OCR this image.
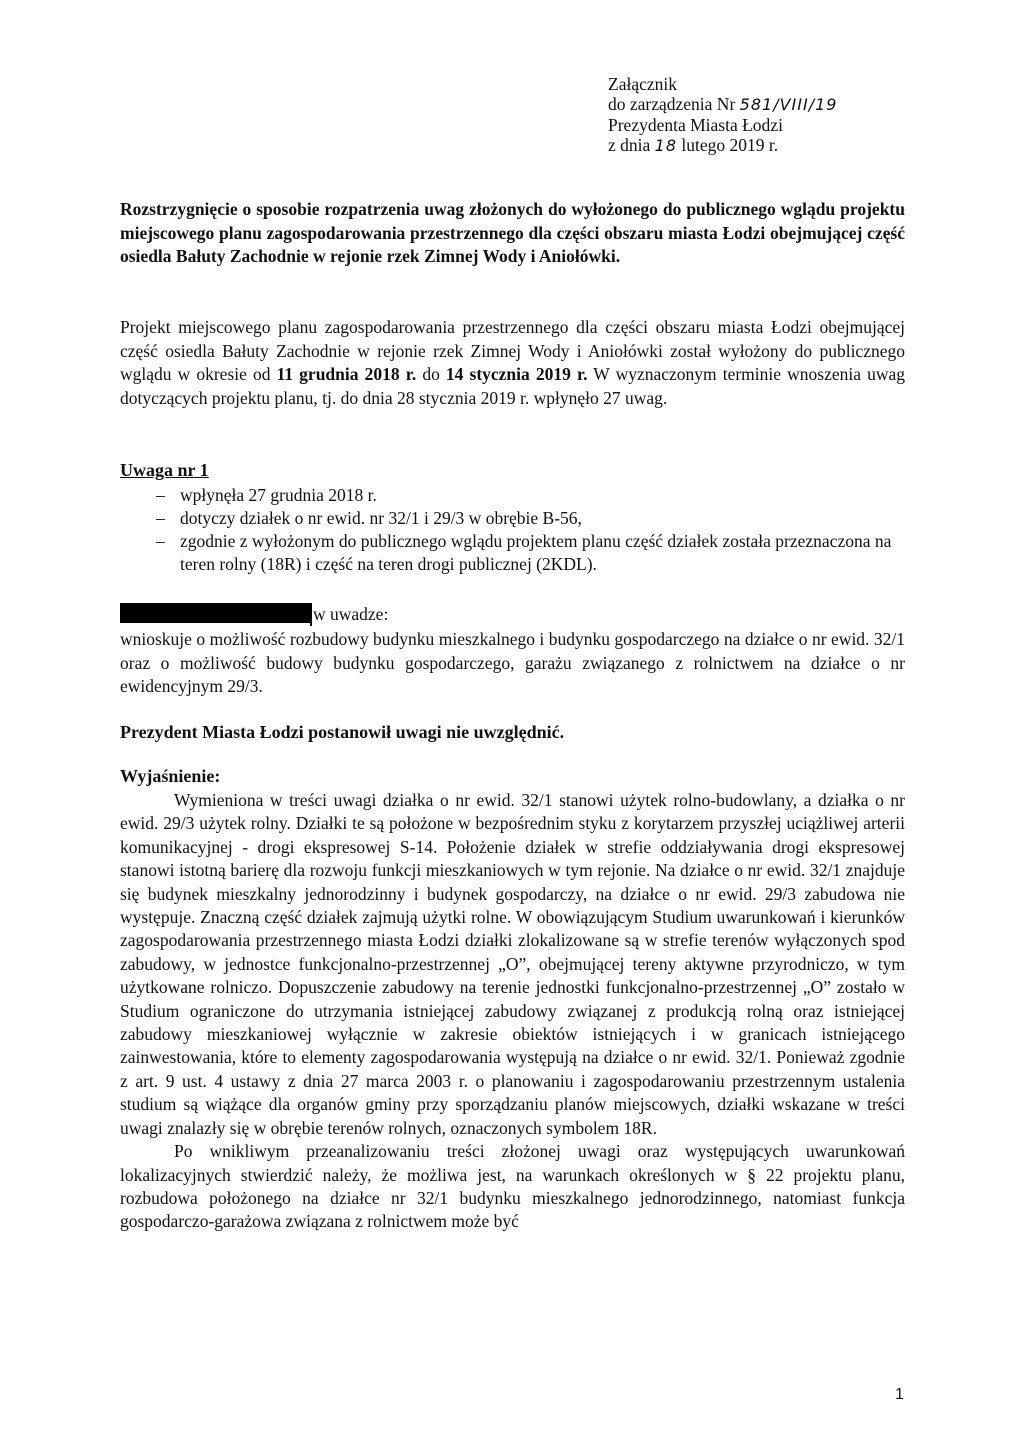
Załącznik
do zarządzenia Nr 581/VIII/19
Prezydenta Miasta Łodzi
z dnia 18 lutego 2019 r.
Rozstrzygnięcie o sposobie rozpatrzenia uwag złożonych do wyłożonego do publicznego wglądu projektu miejscowego planu zagospodarowania przestrzennego dla części obszaru miasta Łodzi obejmującej część osiedla Bałuty Zachodnie w rejonie rzek Zimnej Wody i Aniołówki.
Projekt miejscowego planu zagospodarowania przestrzennego dla części obszaru miasta Łodzi obejmującej część osiedla Bałuty Zachodnie w rejonie rzek Zimnej Wody i Aniołówki został wyłożony do publicznego wglądu w okresie od 11 grudnia 2018 r. do 14 stycznia 2019 r. W wyznaczonym terminie wnoszenia uwag dotyczących projektu planu, tj. do dnia 28 stycznia 2019 r. wpłynęło 27 uwag.
Uwaga nr 1
– wpłynęła 27 grudnia 2018 r.
– dotyczy działek o nr ewid. nr 32/1 i 29/3 w obrębie B-56,
– zgodnie z wyłożonym do publicznego wglądu projektem planu część działek została przeznaczona na teren rolny (18R) i część na teren drogi publicznej (2KDL).
w uwadze:
wnioskuje o możliwość rozbudowy budynku mieszkalnego i budynku gospodarczego na działce o nr ewid. 32/1 oraz o możliwość budowy budynku gospodarczego, garażu związanego z rolnictwem na działce o nr ewidencyjnym 29/3.
Prezydent Miasta Łodzi postanowił uwagi nie uwzględnić.
Wyjaśnienie:

Wymieniona w treści uwagi działka o nr ewid. 32/1 stanowi użytek rolno-budowlany, a działka o nr ewid. 29/3 użytek rolny. Działki te są położone w bezpośrednim styku z korytarzem przyszłej uciążliwej arterii komunikacyjnej - drogi ekspresowej S-14. Położenie działek w strefie oddziaływania drogi ekspresowej stanowi istotną barierę dla rozwoju funkcji mieszkaniowych w tym rejonie. Na działce o nr ewid. 32/1 znajduje się budynek mieszkalny jednorodzinny i budynek gospodarczy, na działce o nr ewid. 29/3 zabudowa nie występuje. Znaczną część działek zajmują użytki rolne. W obowiązującym Studium uwarunkowań i kierunków zagospodarowania przestrzennego miasta Łodzi działki zlokalizowane są w strefie terenów wyłączonych spod zabudowy, w jednostce funkcjonalno-przestrzennej „O”, obejmującej tereny aktywne przyrodniczo, w tym użytkowane rolniczo. Dopuszczenie zabudowy na terenie jednostki funkcjonalno-przestrzennej „O” zostało w Studium ograniczone do utrzymania istniejącej zabudowy związanej z produkcją rolną oraz istniejącej zabudowy mieszkaniowej wyłącznie w zakresie obiektów istniejących i w granicach istniejącego zainwestowania, które to elementy zagospodarowania występują na działce o nr ewid. 32/1. Ponieważ zgodnie z art. 9 ust. 4 ustawy z dnia 27 marca 2003 r. o planowaniu i zagospodarowaniu przestrzennym ustalenia studium są wiążące dla organów gminy przy sporządzaniu planów miejscowych, działki wskazane w treści uwagi znalazły się w obrębie terenów rolnych, oznaczonych symbolem 18R.

Po wnikliwym przeanalizowaniu treści złożonej uwagi oraz występujących uwarunkowań lokalizacyjnych stwierdzić należy, że możliwa jest, na warunkach określonych w § 22 projektu planu, rozbudowa położonego na działce nr 32/1 budynku mieszkalnego jednorodzinnego, natomiast funkcja gospodarczo-garażowa związana z rolnictwem może być

1
